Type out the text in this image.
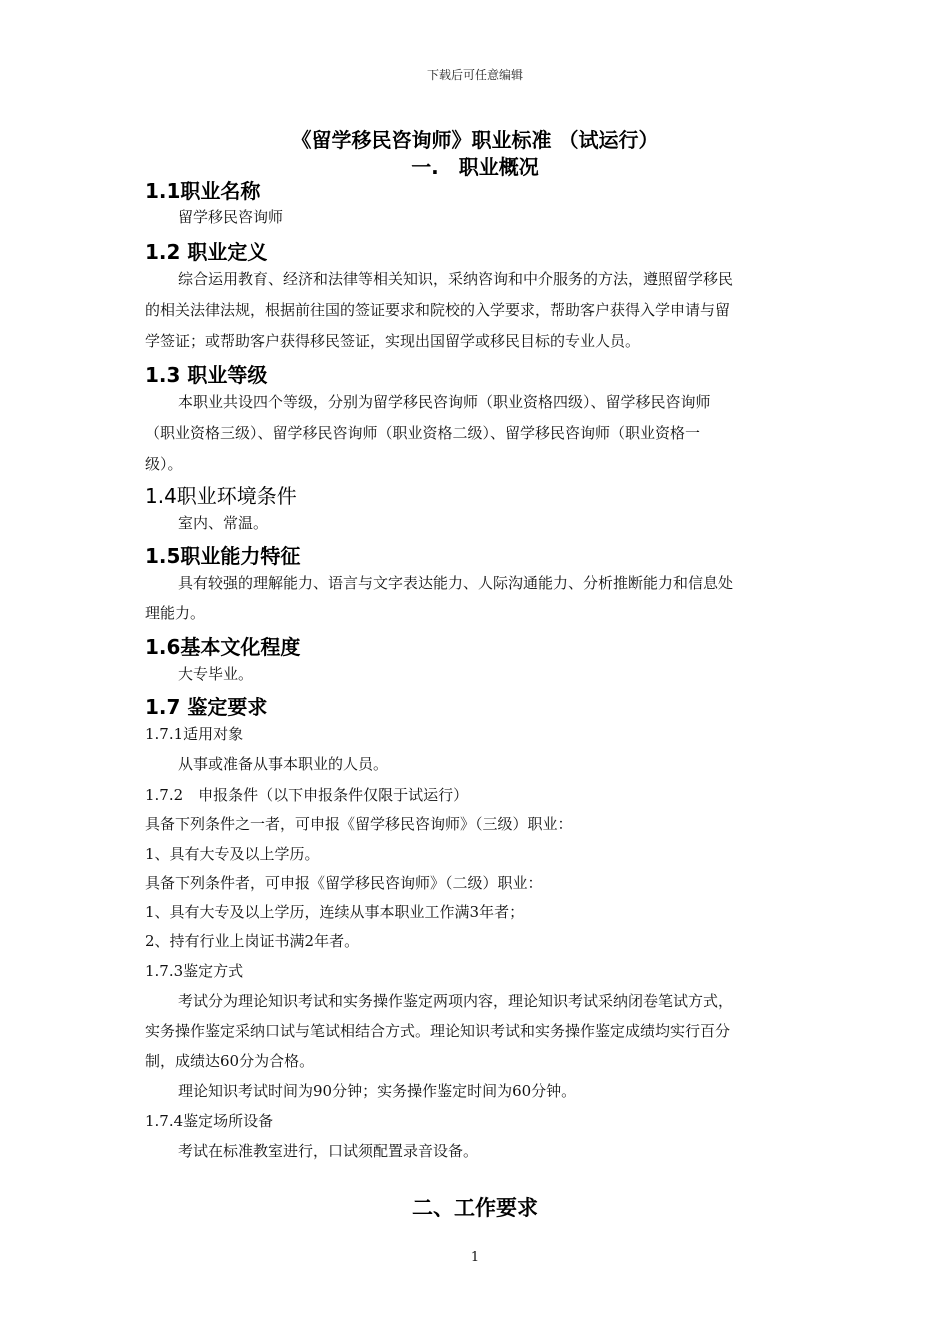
下载后可任意编辑
《留学移民咨询师》职业标准 （试运行）
一.　职业概况
1.1职业名称
留学移民咨询师
1.2 职业定义
综合运用教育、经济和法律等相关知识，采纳咨询和中介服务的方法，遵照留学移民
的相关法律法规，根据前往国的签证要求和院校的入学要求，帮助客户获得入学申请与留
学签证；或帮助客户获得移民签证，实现出国留学或移民目标的专业人员。
1.3 职业等级
本职业共设四个等级，分别为留学移民咨询师（职业资格四级）、留学移民咨询师
（职业资格三级）、留学移民咨询师（职业资格二级）、留学移民咨询师（职业资格一
级）。
1.4职业环境条件
室内、常温。
1.5职业能力特征
具有较强的理解能力、语言与文字表达能力、人际沟通能力、分析推断能力和信息处
理能力。
1.6基本文化程度
大专毕业。
1.7 鉴定要求
1.7.1适用对象
从事或准备从事本职业的人员。
1.7.2　申报条件（以下申报条件仅限于试运行）
具备下列条件之一者，可申报《留学移民咨询师》（三级）职业：
1、具有大专及以上学历。
具备下列条件者，可申报《留学移民咨询师》（二级）职业：
1、具有大专及以上学历，连续从事本职业工作满3年者；
2、持有行业上岗证书满2年者。
1.7.3鉴定方式
考试分为理论知识考试和实务操作鉴定两项内容，理论知识考试采纳闭卷笔试方式，
实务操作鉴定采纳口试与笔试相结合方式。理论知识考试和实务操作鉴定成绩均实行百分
制，成绩达60分为合格。
理论知识考试时间为90分钟；实务操作鉴定时间为60分钟。
1.7.4鉴定场所设备
考试在标准教室进行，口试须配置录音设备。
二、工作要求
1
